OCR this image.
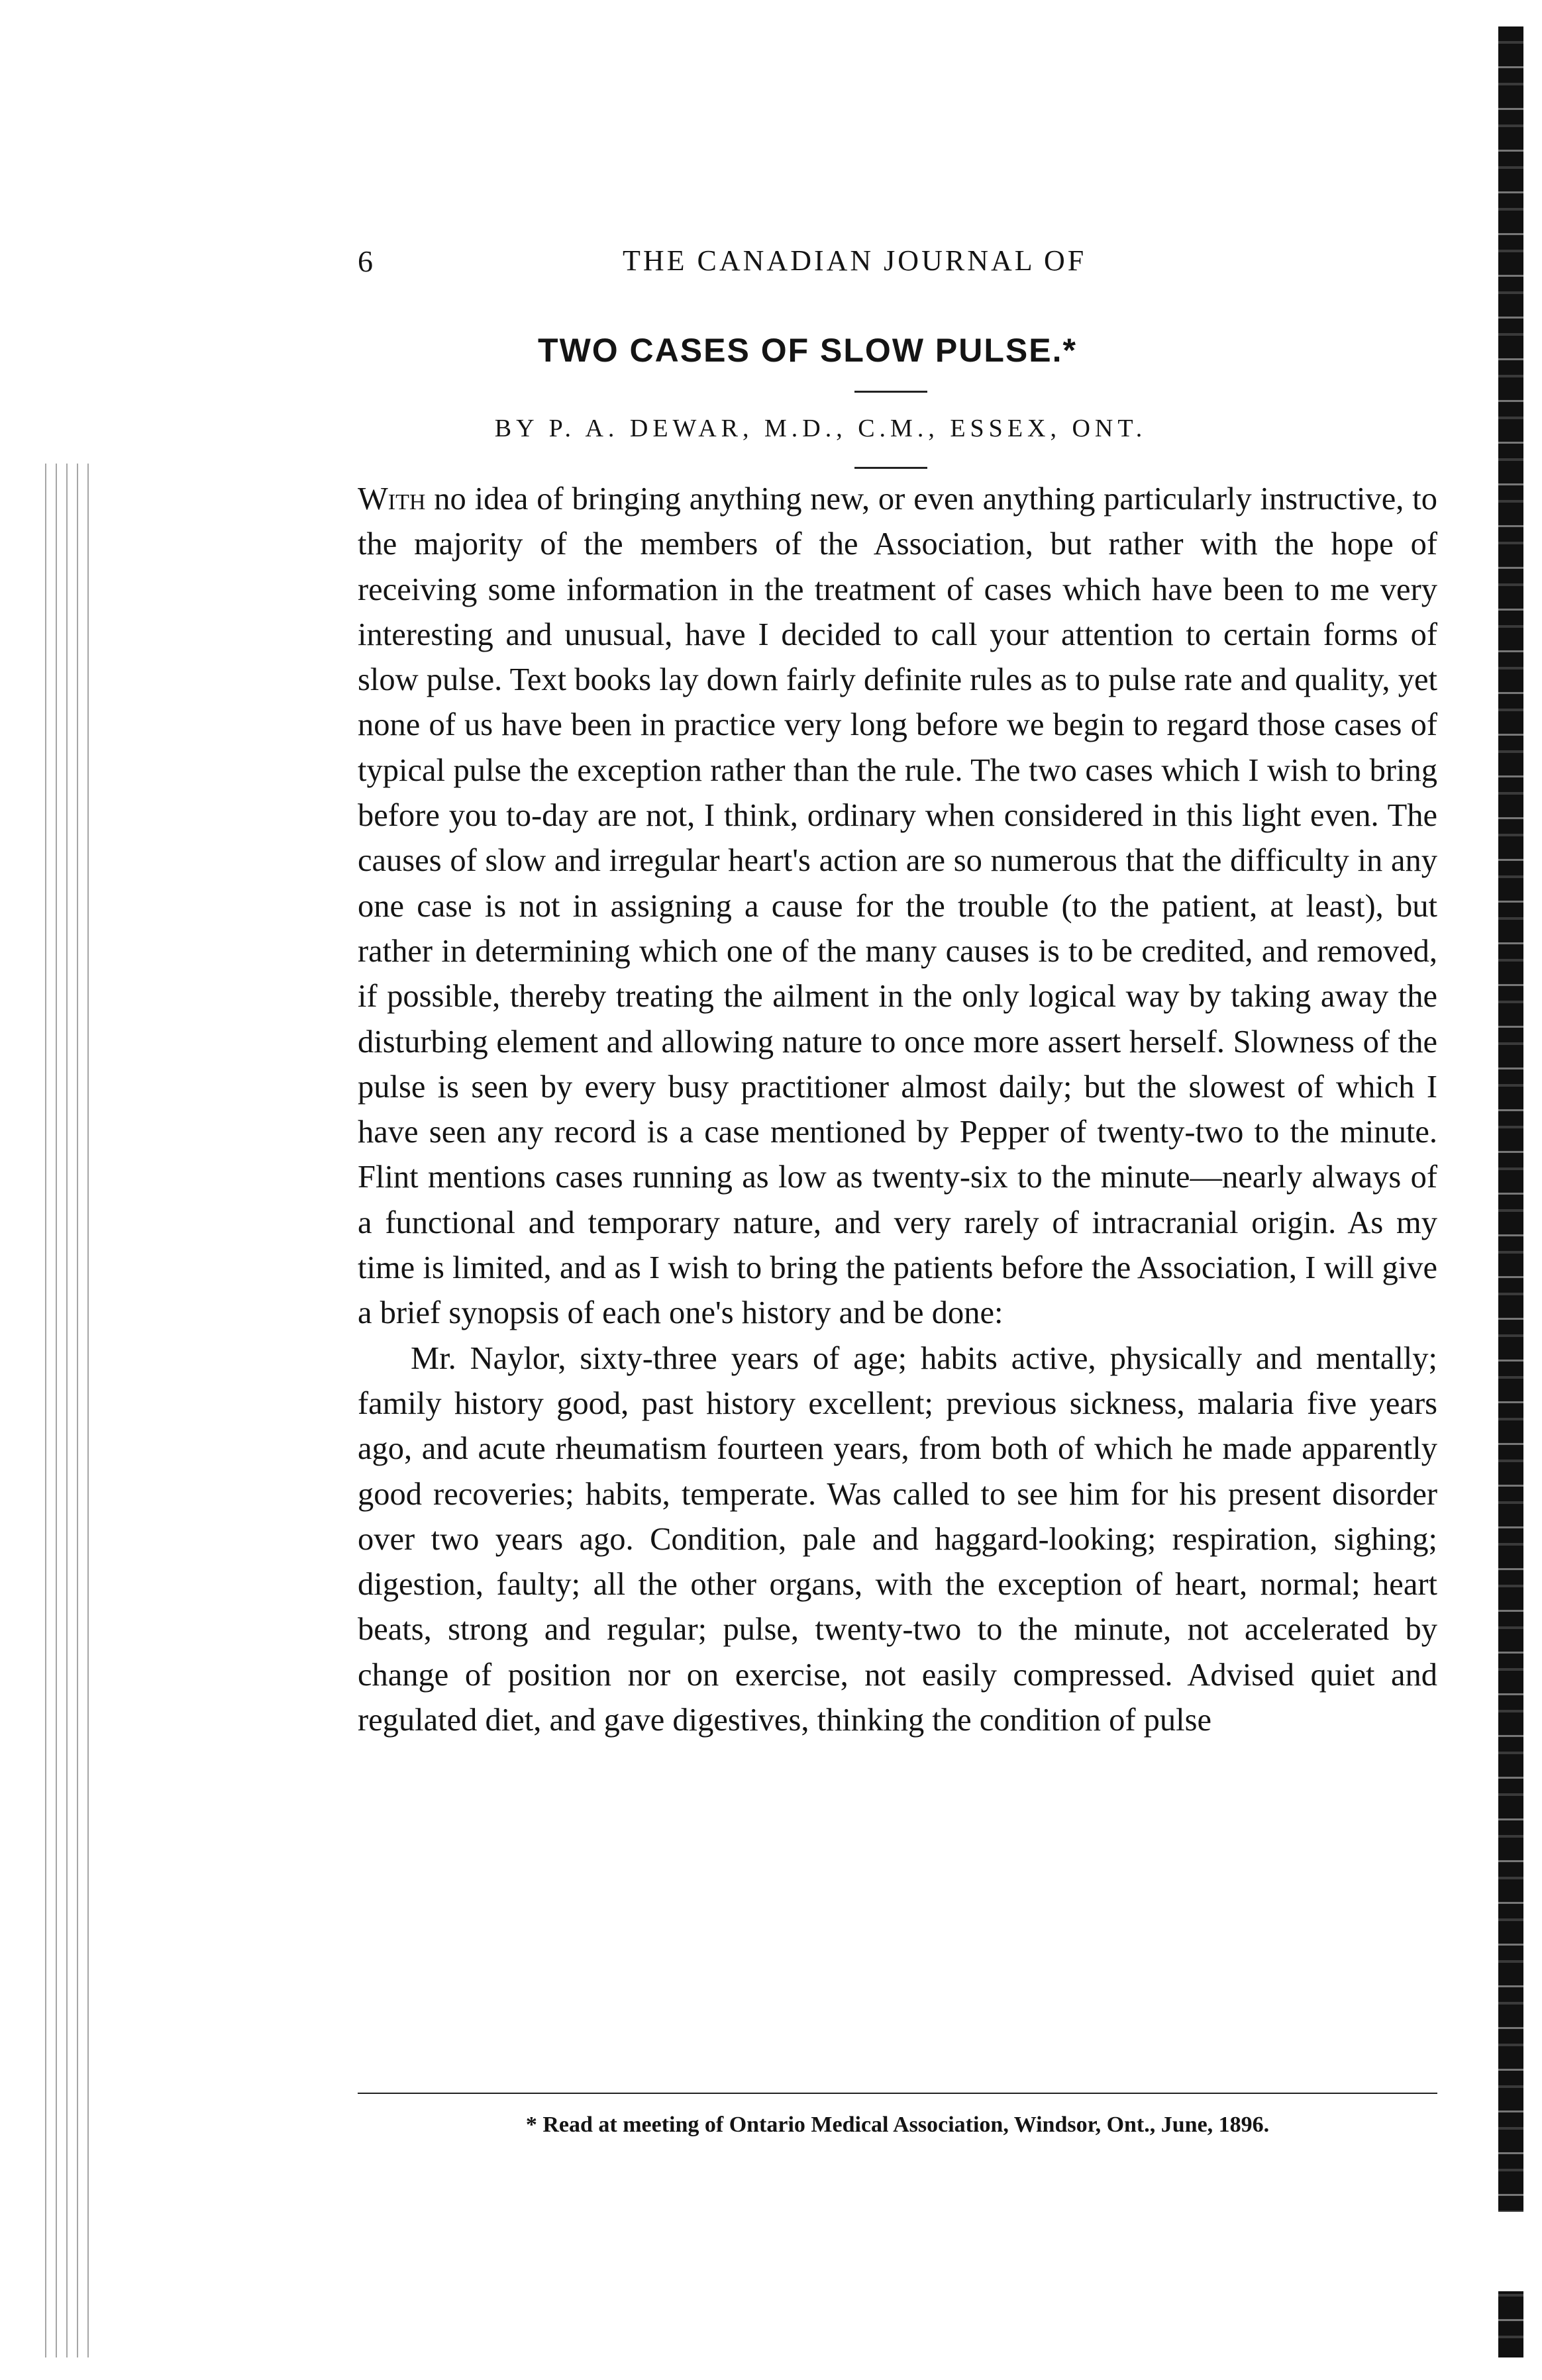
6	THE CANADIAN JOURNAL OF
TWO CASES OF SLOW PULSE.*
BY P. A. DEWAR, M.D., C.M., ESSEX, ONT.

With no idea of bringing anything new, or even anything particularly instructive, to the majority of the members of the Association, but rather with the hope of receiving some information in the treatment of cases which have been to me very interesting and unusual, have I decided to call your attention to certain forms of slow pulse. Text books lay down fairly definite rules as to pulse rate and quality, yet none of us have been in practice very long before we begin to regard those cases of typical pulse the exception rather than the rule. The two cases which I wish to bring before you to-day are not, I think, ordinary when considered in this light even. The causes of slow and irregular heart's action are so numerous that the difficulty in any one case is not in assigning a cause for the trouble (to the patient, at least), but rather in determining which one of the many causes is to be credited, and removed, if possible, thereby treating the ailment in the only logical way by taking away the disturbing element and allowing nature to once more assert herself. Slowness of the pulse is seen by every busy practitioner almost daily; but the slowest of which I have seen any record is a case mentioned by Pepper of twenty-two to the minute. Flint mentions cases running as low as twenty-six to the minute—nearly always of a functional and temporary nature, and very rarely of intracranial origin. As my time is limited, and as I wish to bring the patients before the Association, I will give a brief synopsis of each one's history and be done:

Mr. Naylor, sixty-three years of age; habits active, physically and mentally; family history good, past history excellent; previous sickness, malaria five years ago, and acute rheumatism fourteen years, from both of which he made apparently good recoveries; habits, temperate. Was called to see him for his present disorder over two years ago. Condition, pale and haggard-looking; respiration, sighing; digestion, faulty; all the other organs, with the exception of heart, normal; heart beats, strong and regular; pulse, twenty-two to the minute, not accelerated by change of position nor on exercise, not easily compressed. Advised quiet and regulated diet, and gave digestives, thinking the condition of pulse

* Read at meeting of Ontario Medical Association, Windsor, Ont., June, 1896.
